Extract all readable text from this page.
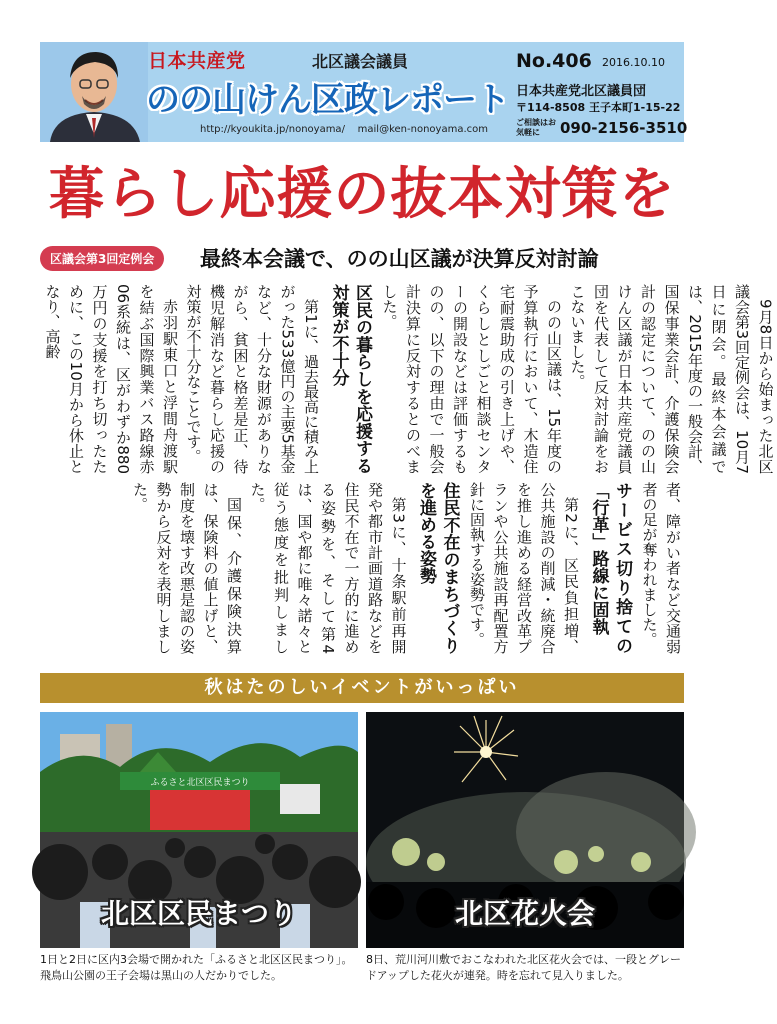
日本共産党	北区議会議員
のの山けん区政レポート
http://kyoukita.jp/nonoyama/ mail@ken-nonoyama.com
No.406 2016.10.10
日本共産党北区議員団
〒114-8508 王子本町1-15-22
ご相談はお気軽に	090-2156-3510
暮らし応援の抜本対策を
区議会第3回定例会	最終本会議で、のの山区議が決算反対討論

9月8日から始まった北区議会第3回定例会は、10月7日に閉会。最終本会議では、2015年度の一般会計、国保事業会計、介護保険会計の認定について、のの山けん区議が日本共産党議員団を代表して反対討論をおこないました。

のの山区議は、15年度の予算執行において、木造住宅耐震助成の引き上げや、くらしとしごと相談センターの開設などは評価するものの、以下の理由で一般会計決算に反対するとのべました。

区民の暮らしを応援する対策が不十分

第1に、過去最高に積み上がった533億円の主要5基金など、十分な財源がありながら、貧困と格差是正、待機児解消など暮らし応援の対策が不十分なことです。

赤羽駅東口と浮間舟渡駅を結ぶ国際興業バス路線赤06系統は、区がわずか880万円の支援を打ち切ったために、この10月から休止となり、高齢

者、障がい者など交通弱者の足が奪われました。

サービス切り捨ての「行革」路線に固執

第2に、区民負担増、公共施設の削減・統廃合を推し進める経営改革プランや公共施設再配置方針に固執する姿勢です。

住民不在のまちづくりを進める姿勢

第3に、十条駅前再開発や都市計画道路などを住民不在で一方的に進める姿勢を、そして第4は、国や都に唯々諾々と従う態度を批判しました。

国保、介護保険決算は、保険料の値上げと、制度を壊す改悪是認の姿勢から反対を表明しました。

秋はたのしいイベントがいっぱい
ふるさと北区区民まつり
北区区民まつり	北区花火会
1日と2日に区内3会場で開かれた「ふるさと北区区民まつり」。飛鳥山公園の王子会場は黒山の人だかりでした。
8日、荒川河川敷でおこなわれた北区花火会では、一段とグレードアップした花火が連発。時を忘れて見入りました。
